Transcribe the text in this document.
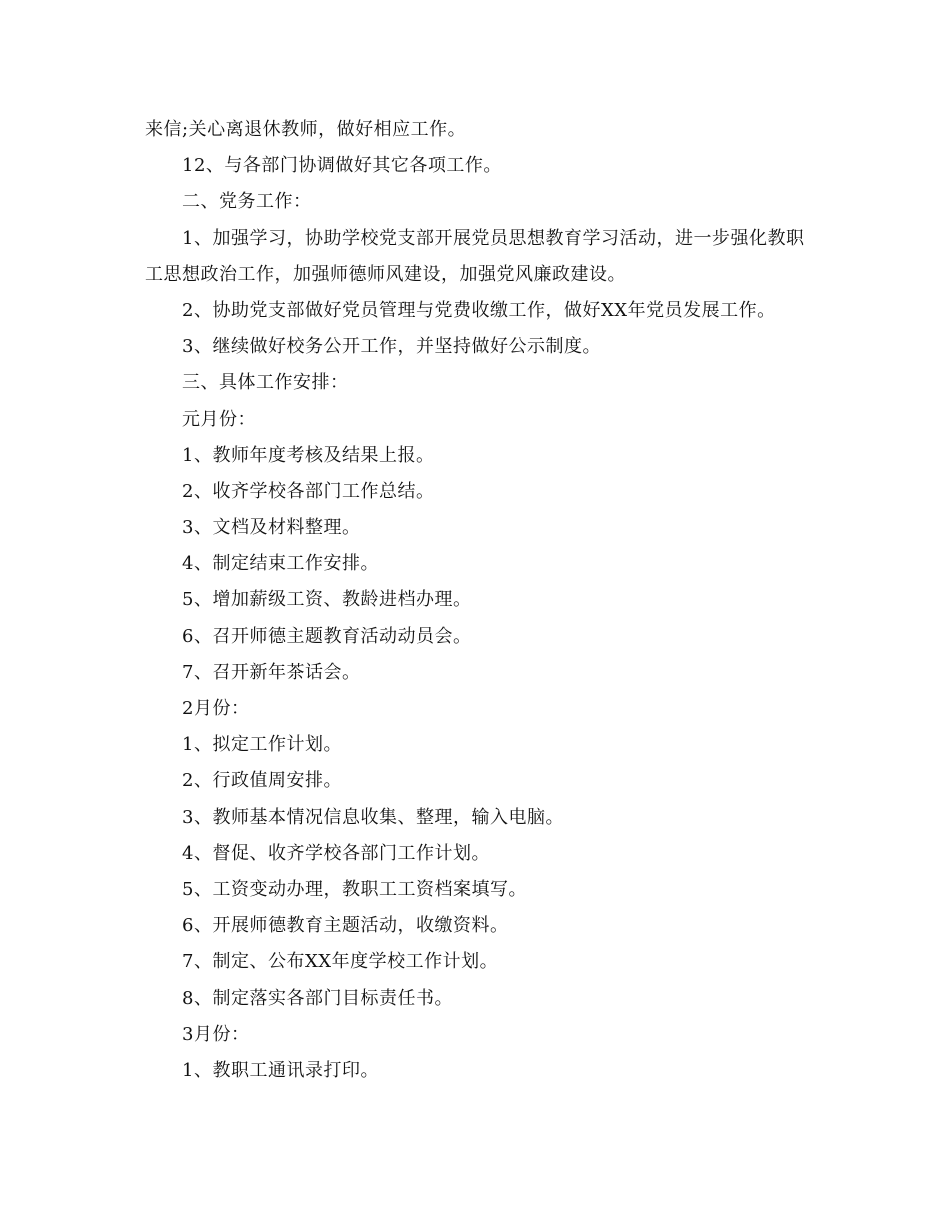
来信;关心离退休教师，做好相应工作。
12、与各部门协调做好其它各项工作。
二、党务工作：
1、加强学习，协助学校党支部开展党员思想教育学习活动，进一步强化教职
工思想政治工作，加强师德师风建设，加强党风廉政建设。
2、协助党支部做好党员管理与党费收缴工作，做好XX年党员发展工作。
3、继续做好校务公开工作，并坚持做好公示制度。
三、具体工作安排：
元月份：
1、教师年度考核及结果上报。
2、收齐学校各部门工作总结。
3、文档及材料整理。
4、制定结束工作安排。
5、增加薪级工资、教龄进档办理。
6、召开师德主题教育活动动员会。
7、召开新年茶话会。
2月份：
1、拟定工作计划。
2、行政值周安排。
3、教师基本情况信息收集、整理，输入电脑。
4、督促、收齐学校各部门工作计划。
5、工资变动办理，教职工工资档案填写。
6、开展师德教育主题活动，收缴资料。
7、制定、公布XX年度学校工作计划。
8、制定落实各部门目标责任书。
3月份：
1、教职工通讯录打印。
